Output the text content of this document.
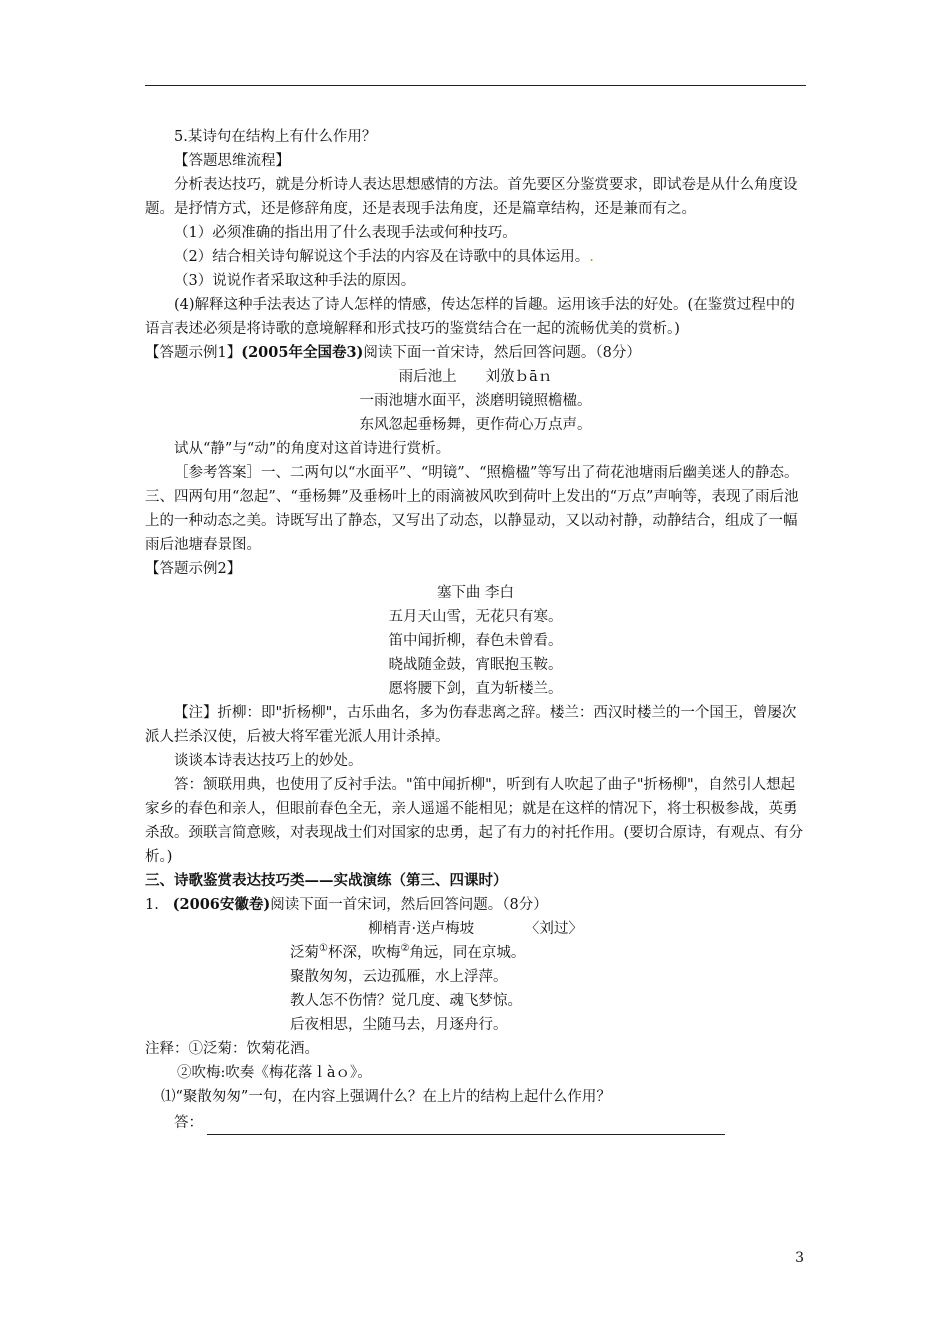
5.某诗句在结构上有什么作用？

【答题思维流程】

分析表达技巧，就是分析诗人表达思想感情的方法。首先要区分鉴赏要求，即试卷是从什么角度设题。是抒情方式，还是修辞角度，还是表现手法角度，还是篇章结构，还是兼而有之。

（1）必须准确的指出用了什么表现手法或何种技巧。

（2）结合相关诗句解说这个手法的内容及在诗歌中的具体运用。.

（3）说说作者采取这种手法的原因。

(4)解释这种手法表达了诗人怎样的情感，传达怎样的旨趣。运用该手法的好处。(在鉴赏过程中的语言表述必须是将诗歌的意境解释和形式技巧的鉴赏结合在一起的流畅优美的赏析。)

【答题示例1】(2005年全国卷3)阅读下面一首宋诗，然后回答问题。（8分）

雨后池上　　刘攽ｂāｎ

一雨池塘水面平，淡磨明镜照檐楹。

东风忽起垂杨舞，更作荷心万点声。

试从“静”与“动”的角度对这首诗进行赏析。

［参考答案］一、二两句以“水面平”、“明镜”、“照檐楹”等写出了荷花池塘雨后幽美迷人的静态。三、四两句用“忽起”、“垂杨舞”及垂杨叶上的雨滴被风吹到荷叶上发出的“万点”声响等，表现了雨后池上的一种动态之美。诗既写出了静态，又写出了动态，以静显动，又以动衬静，动静结合，组成了一幅雨后池塘春景图。

【答题示例2】

塞下曲 李白

五月天山雪，无花只有寒。

笛中闻折柳，春色未曾看。

晓战随金鼓，宵眠抱玉鞍。

愿将腰下剑，直为斩楼兰。

【注】折柳：即"折杨柳"，古乐曲名，多为伤春悲离之辞。楼兰：西汉时楼兰的一个国王，曾屡次派人拦杀汉使，后被大将军霍光派人用计杀掉。

谈谈本诗表达技巧上的妙处。

答：颔联用典，也使用了反衬手法。"笛中闻折柳"，听到有人吹起了曲子"折杨柳"，自然引人想起家乡的春色和亲人，但眼前春色全无，亲人遥遥不能相见；就是在这样的情况下，将士积极参战，英勇杀敌。颈联言简意赅，对表现战士们对国家的忠勇，起了有力的衬托作用。(要切合原诗，有观点、有分析。)

三、诗歌鉴赏表达技巧类——实战演练（第三、四课时）

1. (2006安徽卷)阅读下面一首宋词，然后回答问题。（8分）

柳梢青·送卢梅坡　　　　〈刘过〉

泛菊①杯深，吹梅②角远，同在京城。

聚散匆匆，云边孤雁，水上浮萍。

教人怎不伤情？觉几度、魂飞梦惊。

后夜相思，尘随马去，月逐舟行。

注释：①泛菊：饮菊花酒。

②吹梅:吹奏《梅花落ｌàｏ》。

⑴“聚散匆匆”一句，在内容上强调什么？在上片的结构上起什么作用？

答：
3
